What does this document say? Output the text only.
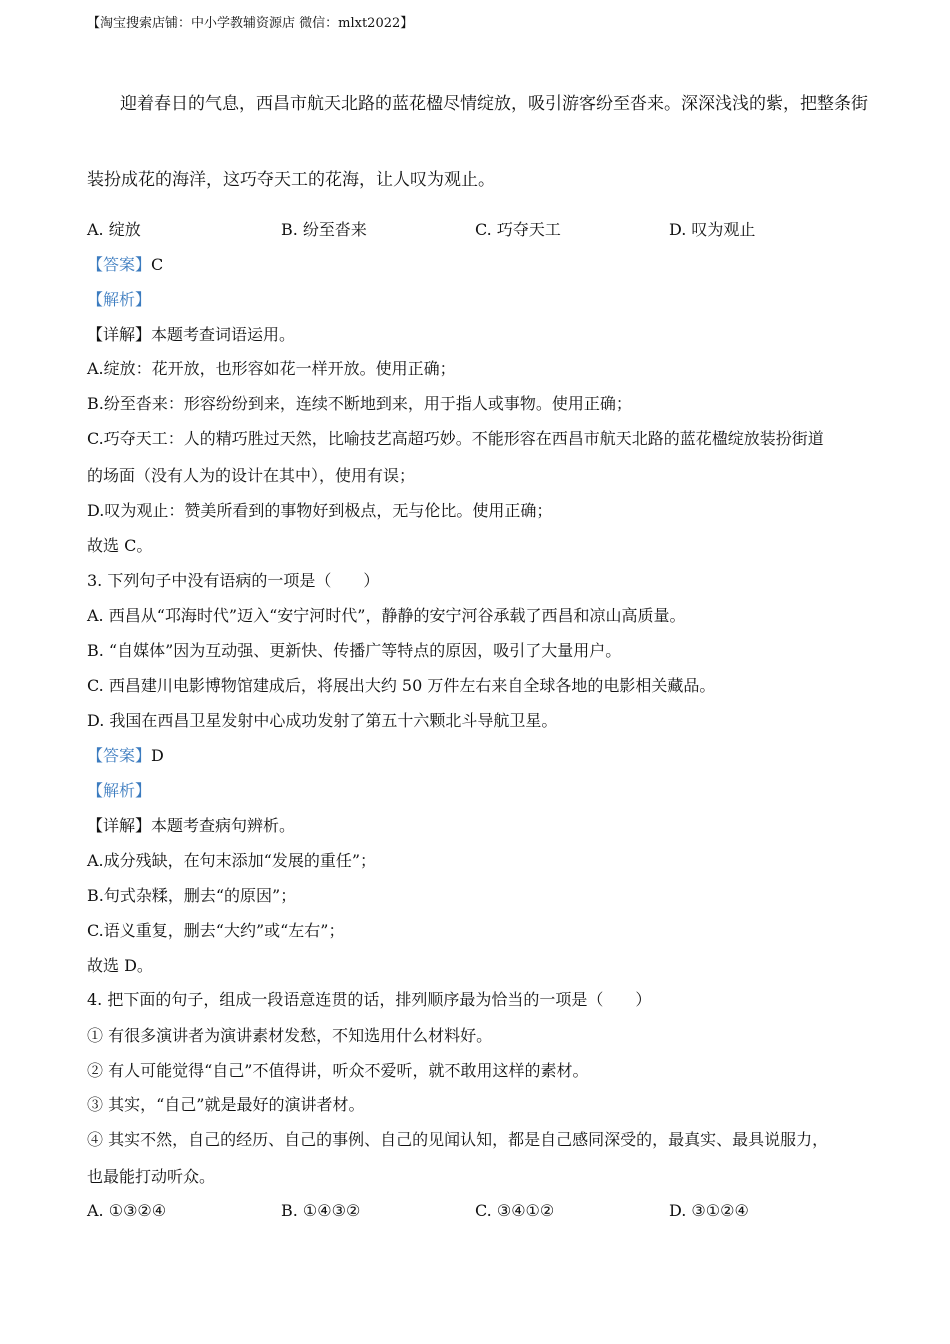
【淘宝搜索店铺：中小学教辅资源店 微信：mlxt2022】
迎着春日的气息，西昌市航天北路的蓝花楹尽情绽放，吸引游客纷至沓来。深深浅浅的紫，把整条街
装扮成花的海洋，这巧夺天工的花海，让人叹为观止。
A. 绽放	B. 纷至沓来	C. 巧夺天工	D. 叹为观止
【答案】C
【解析】
【详解】本题考查词语运用。
A.绽放：花开放，也形容如花一样开放。使用正确；
B.纷至沓来：形容纷纷到来，连续不断地到来，用于指人或事物。使用正确；
C.巧夺天工：人的精巧胜过天然，比喻技艺高超巧妙。不能形容在西昌市航天北路的蓝花楹绽放装扮街道
的场面（没有人为的设计在其中），使用有误；
D.叹为观止：赞美所看到的事物好到极点，无与伦比。使用正确；
故选 C。
3. 下列句子中没有语病的一项是（　　）
A. 西昌从“邛海时代”迈入“安宁河时代”，静静的安宁河谷承载了西昌和凉山高质量。
B. “自媒体”因为互动强、更新快、传播广等特点的原因，吸引了大量用户。
C. 西昌建川电影博物馆建成后，将展出大约 50 万件左右来自全球各地的电影相关藏品。
D. 我国在西昌卫星发射中心成功发射了第五十六颗北斗导航卫星。
【答案】D
【解析】
【详解】本题考查病句辨析。
A.成分残缺，在句末添加“发展的重任”；
B.句式杂糅，删去“的原因”；
C.语义重复，删去“大约”或“左右”；
故选 D。
4. 把下面的句子，组成一段语意连贯的话，排列顺序最为恰当的一项是（　　）
① 有很多演讲者为演讲素材发愁，不知选用什么材料好。
② 有人可能觉得“自己”不值得讲，听众不爱听，就不敢用这样的素材。
③ 其实，“自己”就是最好的演讲者材。
④ 其实不然，自己的经历、自己的事例、自己的见闻认知，都是自己感同深受的，最真实、最具说服力，
也最能打动听众。
A. ①③②④	B. ①④③②	C. ③④①②	D. ③①②④
